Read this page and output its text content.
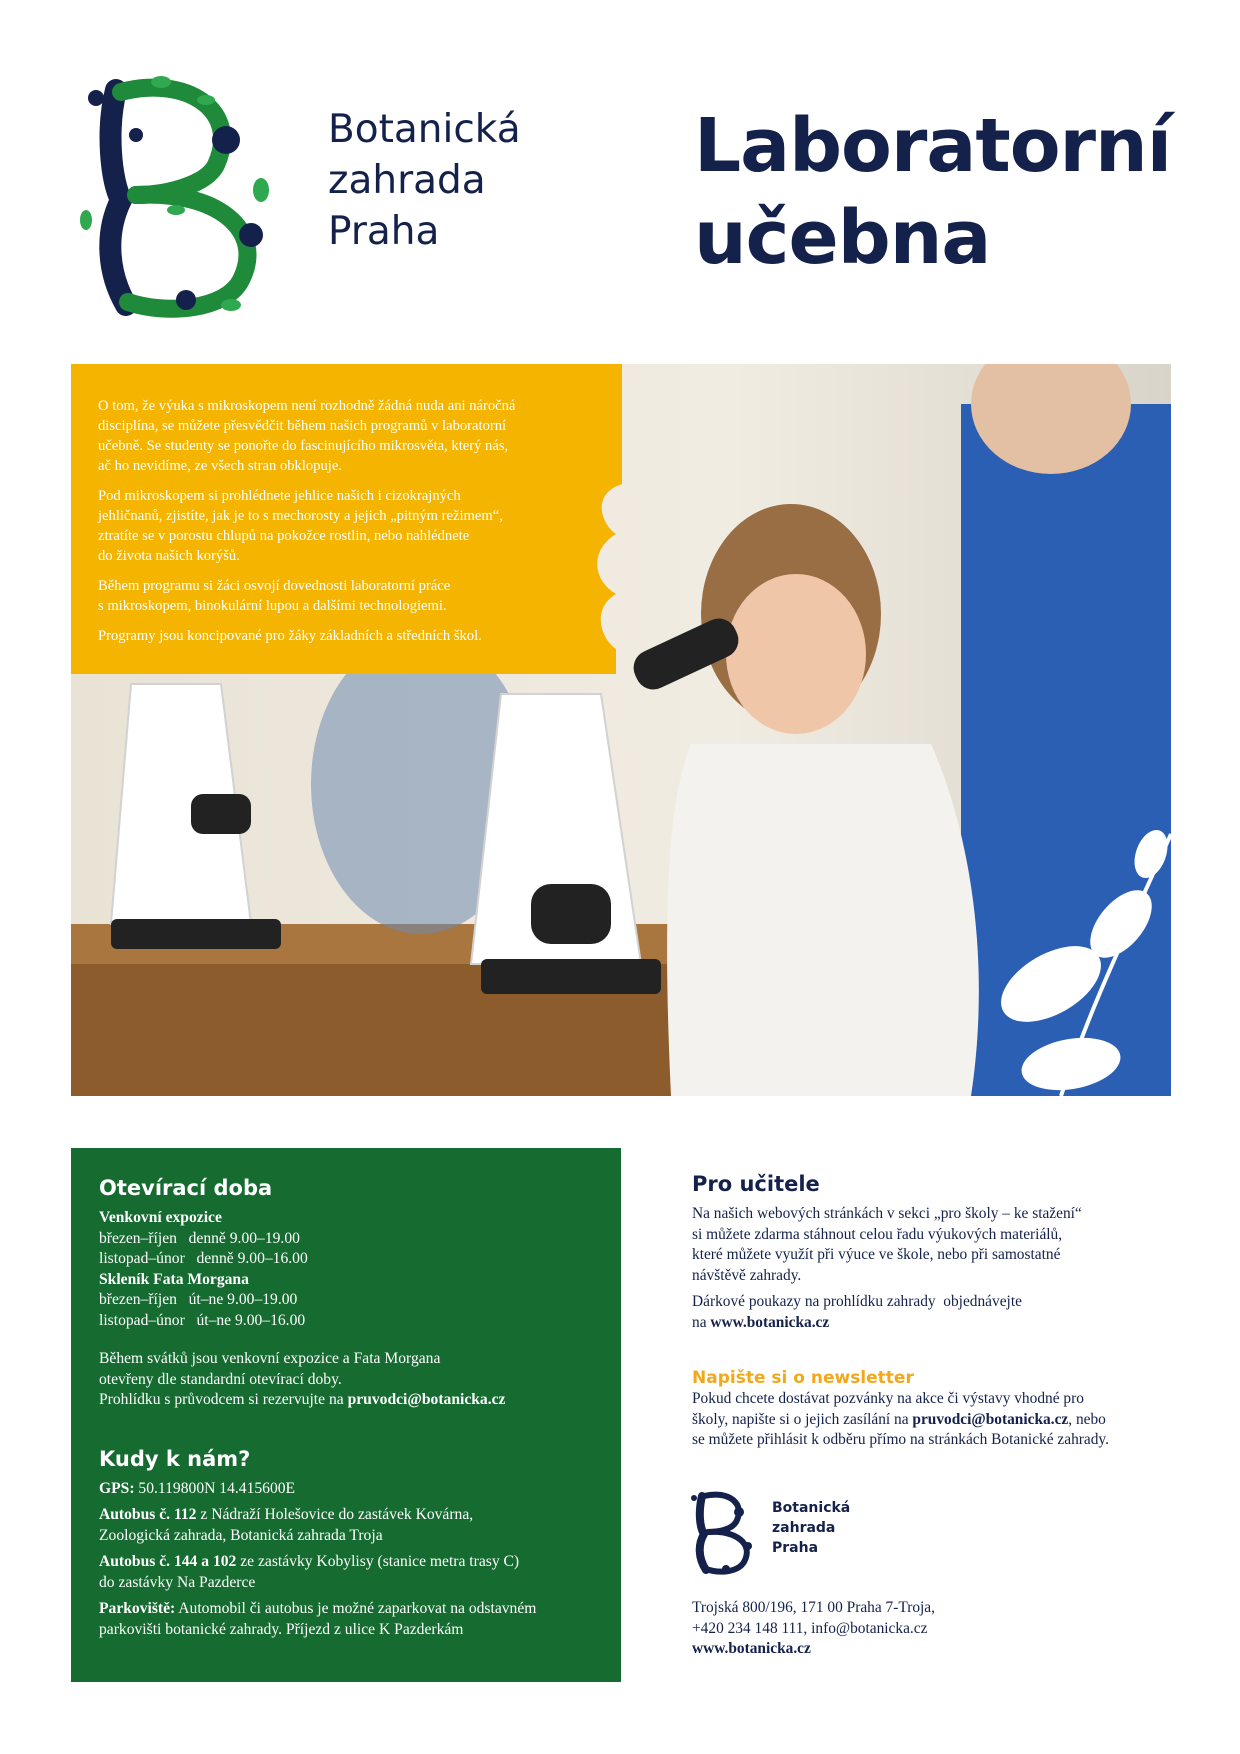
Botanická
zahrada
Praha
Laboratorní
učebna

O tom, že výuka s mikroskopem není rozhodně žádná nuda ani náročná
disciplína, se můžete přesvědčit během našich programů v laboratorní
učebně. Se studenty se ponořte do fascinujícího mikrosvěta, který nás,
ač ho nevidíme, ze všech stran obklopuje.

Pod mikroskopem si prohlédnete jehlice našich i cizokrajných
jehličnanů, zjistíte, jak je to s mechorosty a jejich „pitným režimem“,
ztratíte se v porostu chlupů na pokožce rostlin, nebo nahlédnete
do života našich korýšů.

Během programu si žáci osvojí dovednosti laboratorní práce
s mikroskopem, binokulární lupou a dalšími technologiemi.

Programy jsou koncipované pro žáky základních a středních škol.

Otevírací doba
Venkovní expozice
březen–říjen   denně 9.00–19.00
listopad–únor   denně 9.00–16.00
Skleník Fata Morgana
březen–říjen   út–ne 9.00–19.00
listopad–únor   út–ne 9.00–16.00
Během svátků jsou venkovní expozice a Fata Morgana
otevřeny dle standardní otevírací doby.
Prohlídku s průvodcem si rezervujte na pruvodci@botanicka.cz
Kudy k nám?
GPS: 50.119800N 14.415600E
Autobus č. 112 z Nádraží Holešovice do zastávek Kovárna,
Zoologická zahrada, Botanická zahrada Troja
Autobus č. 144 a 102 ze zastávky Kobylisy (stanice metra trasy C)
do zastávky Na Pazderce
Parkoviště: Automobil či autobus je možné zaparkovat na odstavném
parkovišti botanické zahrady. Příjezd z ulice K Pazderkám
Pro učitele
Na našich webových stránkách v sekci „pro školy – ke stažení“
si můžete zdarma stáhnout celou řadu výukových materiálů,
které můžete využít při výuce ve škole, nebo při samostatné
návštěvě zahrady.
Dárkové poukazy na prohlídku zahrady  objednávejte
na www.botanicka.cz
Napište si o newsletter
Pokud chcete dostávat pozvánky na akce či výstavy vhodné pro
školy, napište si o jejich zasílání na pruvodci@botanicka.cz, nebo
se můžete přihlásit k odběru přímo na stránkách Botanické zahrady.
Botanická
zahrada
Praha
Trojská 800/196, 171 00 Praha 7-Troja,
+420 234 148 111, info@botanicka.cz
www.botanicka.cz
